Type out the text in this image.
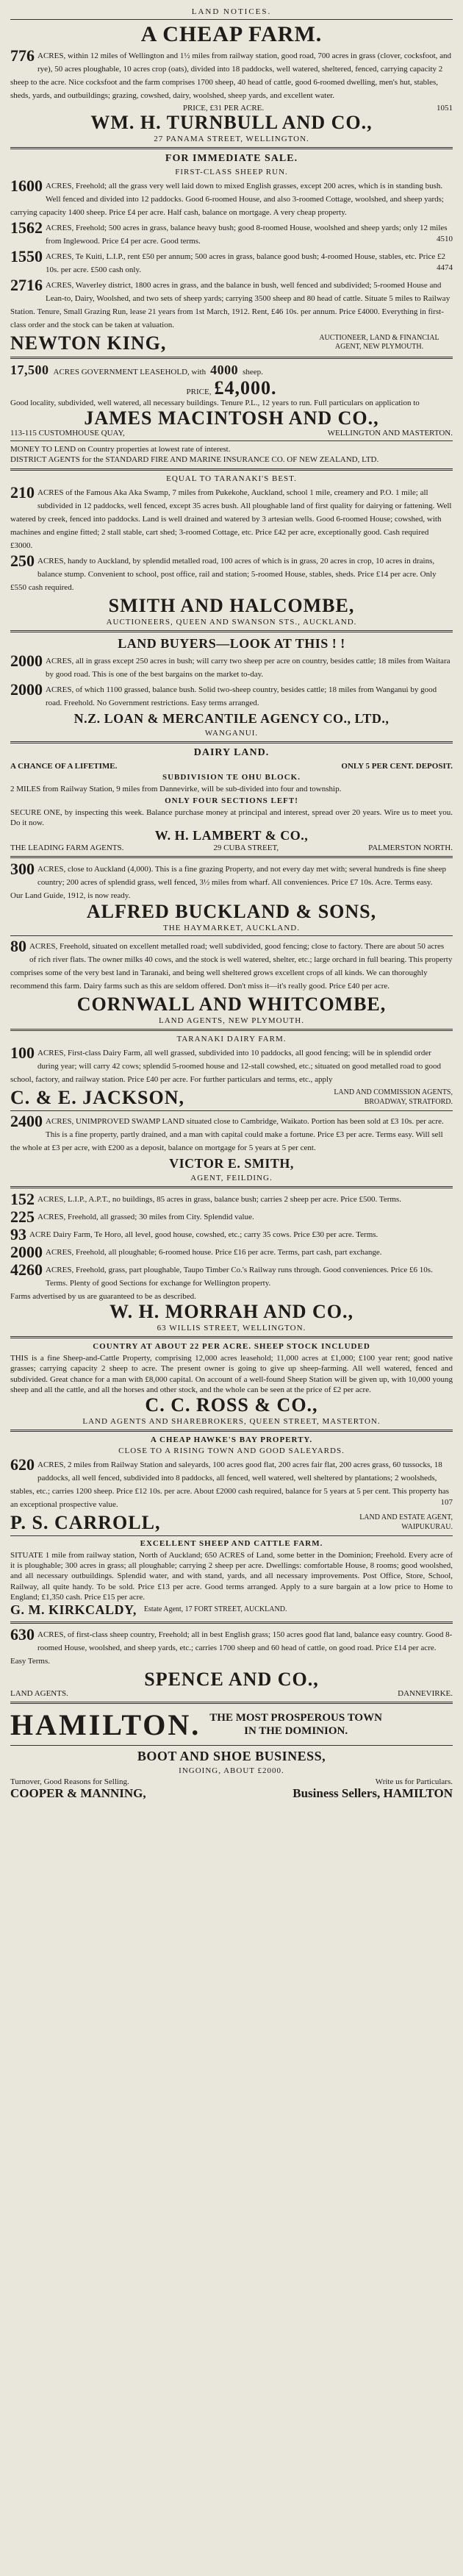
LAND NOTICES.
A CHEAP FARM.
776 ACRES, within 12 miles of Wellington and 1½ miles from railway station, good road, 700 acres in grass (clover, cocksfoot, and rye), 50 acres ploughable, 10 acres crop (oats), divided into 18 paddocks, well watered, sheltered, fenced, carrying capacity 2 sheep to the acre. Nice cocksfoot and the farm comprises 1700 sheep, 40 head of cattle, good 6-roomed dwelling, men's hut, stables, sheds, yards, and outbuildings; grazing, cowshed, dairy, woolshed, sheep yards, and excellent water.
PRICE, £31 PER ACRE.	1051
WM. H. TURNBULL AND CO.,
27 PANAMA STREET, WELLINGTON.
FOR IMMEDIATE SALE.
FIRST-CLASS SHEEP RUN.
1600 ACRES, Freehold; all the grass very well laid down to mixed English grasses, except 200 acres, which is in standing bush. Well fenced and divided into 12 paddocks. Good 6-roomed House, and also 3-roomed Cottage, woolshed, and sheep yards; carrying capacity 1400 sheep. Price £4 per acre. Half cash, balance on mortgage. A very cheap property.
1562 ACRES, Freehold; 500 acres in grass, balance heavy bush; good 8-roomed House, woolshed and sheep yards; only 12 miles from Inglewood. Price £4 per acre. Good terms.	4510
1550 ACRES, Te Kuiti, L.I.P., rent £50 per annum; 500 acres in grass, balance good bush; 4-roomed House, stables, etc. Price £2 10s. per acre. £500 cash only.	4474
2716 ACRES, Waverley district, 1800 acres in grass, and the balance in bush, well fenced and subdivided; 5-roomed House and Lean-to, Dairy, Woolshed, and two sets of sheep yards; carrying 3500 sheep and 80 head of cattle. Situate 5 miles to Railway Station. Tenure, Small Grazing Run, lease 21 years from 1st March, 1912. Rent, £46 10s. per annum. Price £4000. Everything in first-class order and the stock can be taken at valuation.
NEWTON KING,	AUCTIONEER, LAND & FINANCIAL AGENT, NEW PLYMOUTH.
17,500 ACRES GOVERNMENT LEASEHOLD, with 4000 sheep.
PRICE, £4,000.
Good locality, subdivided, well watered, all necessary buildings. Tenure P.L., 12 years to run. Full particulars on application to
JAMES MACINTOSH AND CO.,
113-115 CUSTOMHOUSE QUAY,	WELLINGTON AND MASTERTON.
MONEY TO LEND on Country properties at lowest rate of interest.
DISTRICT AGENTS for the STANDARD FIRE AND MARINE INSURANCE CO. OF NEW ZEALAND, LTD.
EQUAL TO TARANAKI'S BEST.
210 ACRES of the Famous Aka Aka Swamp, 7 miles from Pukekohe, Auckland, school 1 mile, creamery and P.O. 1 mile; all subdivided in 12 paddocks, well fenced, except 35 acres bush. All ploughable land of first quality for dairying or fattening. Well watered by creek, fenced into paddocks. Land is well drained and watered by 3 artesian wells. Good 6-roomed House; cowshed, with machines and engine fitted; 2 stall stable, cart shed; 3-roomed Cottage, etc. Price £42 per acre, exceptionally good. Cash required £3000.
250 ACRES, handy to Auckland, by splendid metalled road, 100 acres of which is in grass, 20 acres in crop, 10 acres in drains, balance stump. Convenient to school, post office, rail and station; 5-roomed House, stables, sheds. Price £14 per acre. Only £550 cash required.
SMITH AND HALCOMBE,
AUCTIONEERS, QUEEN AND SWANSON STS., AUCKLAND.
LAND BUYERS—LOOK AT THIS ! !
2000 ACRES, all in grass except 250 acres in bush; will carry two sheep per acre on country, besides cattle; 18 miles from Waitara by good road. This is one of the best bargains on the market to-day.
2000 ACRES, of which 1100 grassed, balance bush. Solid two-sheep country, besides cattle; 18 miles from Wanganui by good road. Freehold. No Government restrictions. Easy terms arranged.
N.Z. LOAN & MERCANTILE AGENCY CO., LTD.,
WANGANUI.
DAIRY LAND.
A CHANCE OF A LIFETIME.	ONLY 5 PER CENT. DEPOSIT.
SUBDIVISION TE OHU BLOCK.
2 MILES from Railway Station, 9 miles from Dannevirke, will be sub-divided into four and township.
ONLY FOUR SECTIONS LEFT!
SECURE ONE, by inspecting this week. Balance purchase money at principal and interest, spread over 20 years. Wire us to meet you. Do it now.
W. H. LAMBERT & CO.,
THE LEADING FARM AGENTS.	29 CUBA STREET,	PALMERSTON NORTH.
300 ACRES, close to Auckland (4,000). This is a fine grazing Property, and not every day met with; several hundreds is fine sheep country; 200 acres of splendid grass, well fenced, 3½ miles from wharf. All conveniences. Price £7 10s. Acre. Terms easy.
Our Land Guide, 1912, is now ready.
ALFRED BUCKLAND & SONS,
THE HAYMARKET, AUCKLAND.
80 ACRES, Freehold, situated on excellent metalled road; well subdivided, good fencing; close to factory. There are about 50 acres of rich river flats. The owner milks 40 cows, and the stock is well watered, shelter, etc.; large orchard in full bearing. This property comprises some of the very best land in Taranaki, and being well sheltered grows excellent crops of all kinds. We can thoroughly recommend this farm. Dairy farms such as this are seldom offered. Don't miss it—it's really good. Price £40 per acre.
CORNWALL AND WHITCOMBE,
LAND AGENTS, NEW PLYMOUTH.
TARANAKI DAIRY FARM.
100 ACRES, First-class Dairy Farm, all well grassed, subdivided into 10 paddocks, all good fencing; will be in splendid order during year; will carry 42 cows; splendid 5-roomed house and 12-stall cowshed, etc.; situated on good metalled road to good school, factory, and railway station. Price £40 per acre. For further particulars and terms, etc., apply
C. & E. JACKSON,	LAND AND COMMISSION AGENTS,
BROADWAY, STRATFORD.
2400 ACRES, UNIMPROVED SWAMP LAND situated close to Cambridge, Waikato. Portion has been sold at £3 10s. per acre. This is a fine property, partly drained, and a man with capital could make a fortune. Price £3 per acre. Terms easy. Will sell the whole at £3 per acre, with £200 as a deposit, balance on mortgage for 5 years at 5 per cent.
VICTOR E. SMITH,
AGENT, FEILDING.
152 ACRES, L.I.P., A.P.T., no buildings, 85 acres in grass, balance bush; carries 2 sheep per acre. Price £500. Terms.
225 ACRES, Freehold, all grassed; 30 miles from City. Splendid value.
93 ACRE Dairy Farm, Te Horo, all level, good house, cowshed, etc.; carry 35 cows. Price £30 per acre. Terms.
2000 ACRES, Freehold, all ploughable; 6-roomed house. Price £16 per acre. Terms, part cash, part exchange.
4260 ACRES, Freehold, grass, part ploughable, Taupo Timber Co.'s Railway runs through. Good conveniences. Price £6 10s. Terms. Plenty of good Sections for exchange for Wellington property.
Farms advertised by us are guaranteed to be as described.
W. H. MORRAH AND CO.,
63 WILLIS STREET, WELLINGTON.
COUNTRY AT ABOUT 22 PER ACRE. SHEEP STOCK INCLUDED
THIS is a fine Sheep-and-Cattle Property, comprising 12,000 acres leasehold; 11,000 acres at £1,000; £100 year rent; good native grasses; carrying capacity 2 sheep to acre. The present owner is going to give up sheep-farming. All well watered, fenced and subdivided. Great chance for a man with £8,000 capital. On account of a well-found Sheep Station will be given up, with 10,000 young sheep and all the cattle, and all the horses and other stock, and the whole can be seen at the price of £2 per acre.
C. C. ROSS & CO.,
LAND AGENTS AND SHAREBROKERS, QUEEN STREET, MASTERTON.
A CHEAP HAWKE'S BAY PROPERTY.
CLOSE TO A RISING TOWN AND GOOD SALEYARDS.
620 ACRES, 2 miles from Railway Station and saleyards, 100 acres good flat, 200 acres fair flat, 200 acres grass, 60 tussocks, 18 paddocks, all well fenced, subdivided into 8 paddocks, all fenced, well watered, well sheltered by plantations; 2 woolsheds, stables, etc.; carries 1200 sheep. Price £12 10s. per acre. About £2000 cash required, balance for 5 years at 5 per cent. This property has an exceptional prospective value.	107
P. S. CARROLL,	LAND AND ESTATE AGENT,
WAIPUKURAU.
EXCELLENT SHEEP AND CATTLE FARM.
SITUATE 1 mile from railway station, North of Auckland; 650 ACRES of Land, some better in the Dominion; Freehold. Every acre of it is ploughable; 300 acres in grass; all ploughable; carrying 2 sheep per acre. Dwellings: comfortable House, 8 rooms; good woolshed, and all necessary outbuildings. Splendid water, and with stand, yards, and all necessary improvements. Post Office, Store, School, Railway, all quite handy. To be sold. Price £13 per acre. Good terms arranged. Apply to a sure bargain at a low price to Home to England; £1,350 cash. Price £15 per acre.
G. M. KIRKCALDY, Estate Agent, 17 FORT STREET, AUCKLAND.
630 ACRES, of first-class sheep country, Freehold; all in best English grass; 150 acres good flat land, balance easy country. Good 8-roomed House, woolshed, and sheep yards, etc.; carries 1700 sheep and 60 head of cattle, on good road. Price £14 per acre. Easy Terms.
SPENCE AND CO.,
LAND AGENTS.	DANNEVIRKE.
HAMILTON. THE MOST PROSPEROUS TOWN
IN THE DOMINION.
BOOT AND SHOE BUSINESS,
INGOING, ABOUT £2000.
Turnover, Good Reasons for Selling.	Write us for Particulars.
COOPER & MANNING,	Business Sellers, HAMILTON
